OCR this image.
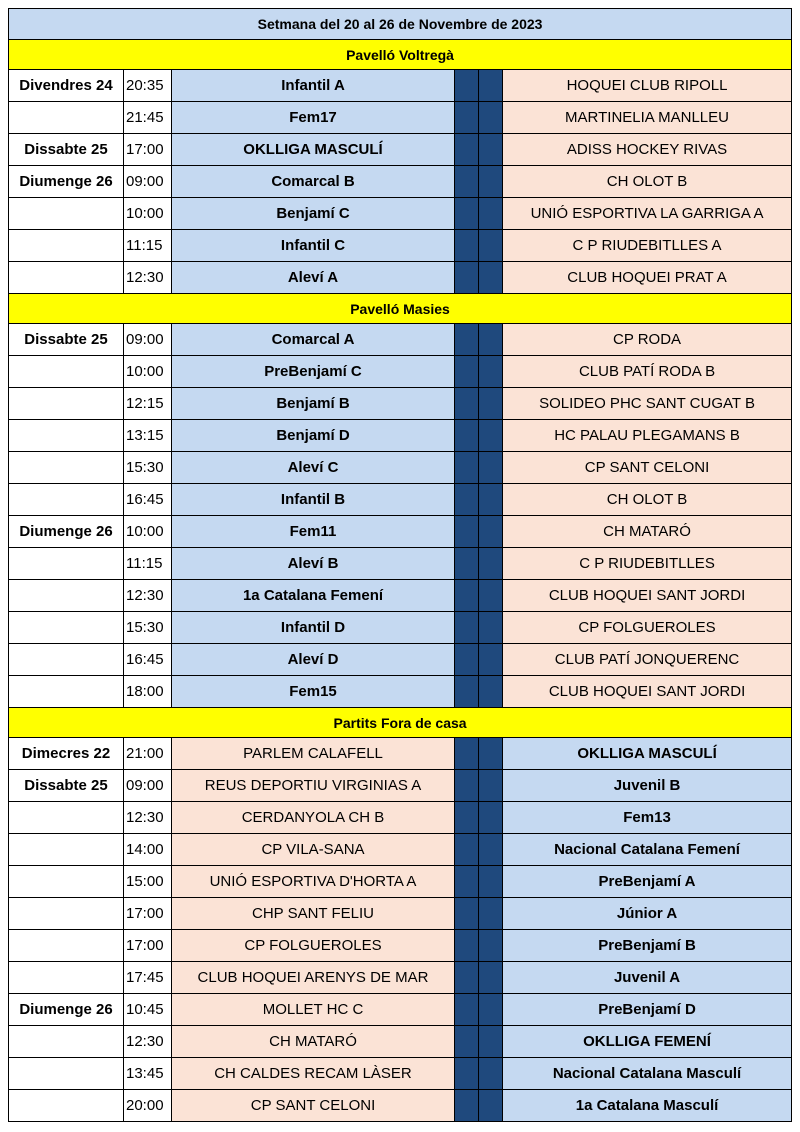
Setmana del 20 al 26 de Novembre de 2023					
Pavelló Voltregà					
Divendres 24	20:35	Infantil A			HOQUEI CLUB RIPOLL
	21:45	Fem17			MARTINELIA MANLLEU
Dissabte 25	17:00	OKLLIGA MASCULÍ			ADISS HOCKEY RIVAS
Diumenge 26	09:00	Comarcal B			CH OLOT B
	10:00	Benjamí C			UNIÓ ESPORTIVA LA GARRIGA A
	11:15	Infantil C			C P RIUDEBITLLES A
	12:30	Aleví A			CLUB HOQUEI PRAT A
Pavelló Masies					
Dissabte 25	09:00	Comarcal A			CP RODA
	10:00	PreBenjamí C			CLUB PATÍ RODA B
	12:15	Benjamí B			SOLIDEO PHC SANT CUGAT B
	13:15	Benjamí D			HC PALAU PLEGAMANS B
	15:30	Aleví C			CP SANT CELONI
	16:45	Infantil B			CH OLOT B
Diumenge 26	10:00	Fem11			CH MATARÓ
	11:15	Aleví B			C P RIUDEBITLLES
	12:30	1a Catalana Femení			CLUB HOQUEI SANT JORDI
	15:30	Infantil D			CP FOLGUEROLES
	16:45	Aleví D			CLUB PATÍ JONQUERENC
	18:00	Fem15			CLUB HOQUEI SANT JORDI
Partits Fora de casa					
Dimecres 22	21:00	PARLEM CALAFELL			OKLLIGA MASCULÍ
Dissabte 25	09:00	REUS DEPORTIU VIRGINIAS A			Juvenil B
	12:30	CERDANYOLA CH B			Fem13
	14:00	CP VILA-SANA			Nacional Catalana Femení
	15:00	UNIÓ ESPORTIVA D'HORTA A			PreBenjamí A
	17:00	CHP SANT FELIU			Júnior A
	17:00	CP FOLGUEROLES			PreBenjamí B
	17:45	CLUB HOQUEI ARENYS DE MAR			Juvenil A
Diumenge 26	10:45	MOLLET HC C			PreBenjamí D
	12:30	CH MATARÓ			OKLLIGA FEMENÍ
	13:45	CH CALDES RECAM LÀSER			Nacional Catalana Masculí
	20:00	CP SANT CELONI			1a Catalana Masculí
